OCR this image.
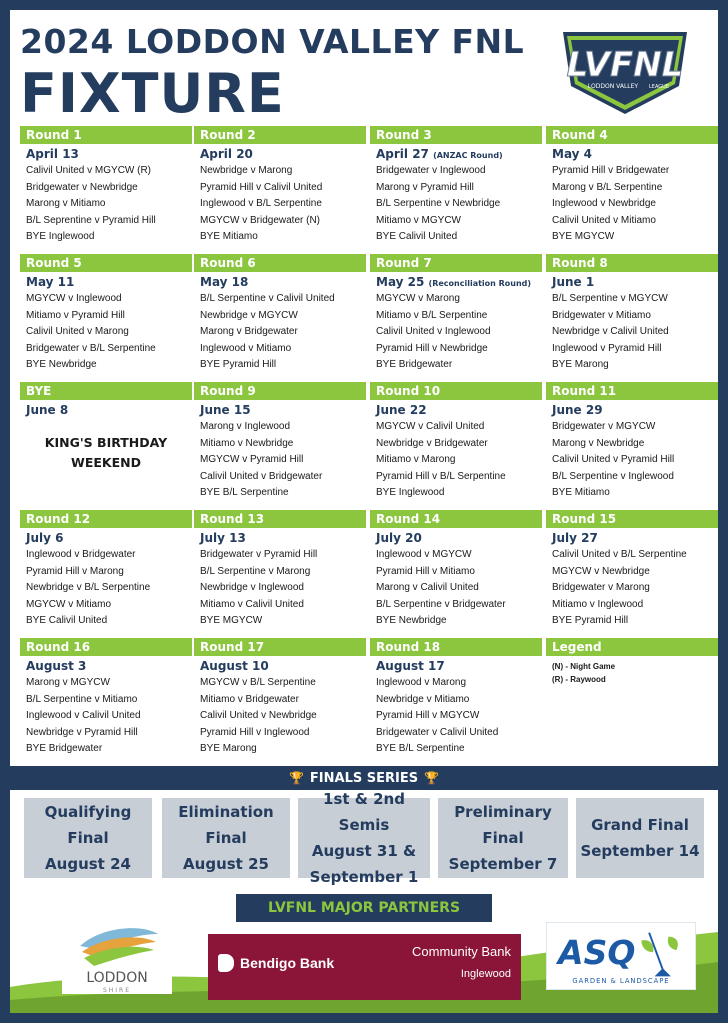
2024 LODDON VALLEY FNL
FIXTURE	LVFNL
LODDON VALLEY LEAGUE
Round 1
April 13
Calivil United v MGYCW (R)
Bridgewater v Newbridge
Marong v Mitiamo
B/L Seprentine v Pyramid Hill
BYE Inglewood
Round 2
April 20
Newbridge v Marong
Pyramid Hill v Calivil United
Inglewood v B/L Serpentine
MGYCW v Bridgewater (N)
BYE Mitiamo
Round 3
April 27 (ANZAC Round)
Bridgewater v Inglewood
Marong v Pyramid Hill
B/L Serpentine v Newbridge
Mitiamo v MGYCW
BYE Calivil United
Round 4
May 4
Pyramid Hill v Bridgewater
Marong v B/L Serpentine
Inglewood v Newbridge
Calivil United v Mitiamo
BYE MGYCW
Round 5
May 11
MGYCW v Inglewood
Mitiamo v Pyramid Hill
Calivil United v Marong
Bridgewater v B/L Serpentine
BYE Newbridge
Round 6
May 18
B/L Serpentine v Calivil United
Newbridge v MGYCW
Marong v Bridgewater
Inglewood v Mitiamo
BYE Pyramid Hill
Round 7
May 25 (Reconciliation Round)
MGYCW v Marong
Mitiamo v B/L Serpentine
Calivil United v Inglewood
Pyramid Hill v Newbridge
BYE Bridgewater
Round 8
June 1
B/L Serpentine v MGYCW
Bridgewater v Mitiamo
Newbridge v Calivil United
Inglewood v Pyramid Hill
BYE Marong
BYE
June 8
KING'S BIRTHDAY
WEEKEND
Round 9
June 15
Marong v Inglewood
Mitiamo v Newbridge
MGYCW v Pyramid Hill
Calivil United v Bridgewater
BYE B/L Serpentine
Round 10
June 22
MGYCW v Calivil United
Newbridge v Bridgewater
Mitiamo v Marong
Pyramid Hill v B/L Serpentine
BYE Inglewood
Round 11
June 29
Bridgewater v MGYCW
Marong v Newbridge
Calivil United v Pyramid Hill
B/L Serpentine v Inglewood
BYE Mitiamo
Round 12
July 6
Inglewood v Bridgewater
Pyramid Hill v Marong
Newbridge v B/L Serpentine
MGYCW v Mitiamo
BYE Calivil United
Round 13
July 13
Bridgewater v Pyramid Hill
B/L Serpentine v Marong
Newbridge v Inglewood
Mitiamo v Calivil United
BYE MGYCW
Round 14
July 20
Inglewood v MGYCW
Pyramid Hill v Mitiamo
Marong v Calivil United
B/L Serpentine v Bridgewater
BYE Newbridge
Round 15
July 27
Calivil United v B/L Serpentine
MGYCW v Newbridge
Bridgewater v Marong
Mitiamo v Inglewood
BYE Pyramid Hill
Round 16
August 3
Marong v MGYCW
B/L Serpentine v Mitiamo
Inglewood v Calivil United
Newbridge v Pyramid Hill
BYE Bridgewater
Round 17
August 10
MGYCW v B/L Serpentine
Mitiamo v Bridgewater
Calivil United v Newbridge
Pyramid Hill v Inglewood
BYE Marong
Round 18
August 17
Inglewood v Marong
Newbridge v Mitiamo
Pyramid Hill v MGYCW
Bridgewater v Calivil United
BYE B/L Serpentine
Legend
(N) - Night Game
(R) - Raywood
🏆 FINALS SERIES 🏆
Qualifying
Final
August 24
Elimination
Final
August 25
1st & 2nd Semis
August 31 &
September 1
Preliminary
Final
September 7
Grand Final
September 14
LODDON
SHIRE
Bendigo Bank
Community Bank
Inglewood
ASQ
GARDEN & LANDSCAPE
LVFNL MAJOR PARTNERS
